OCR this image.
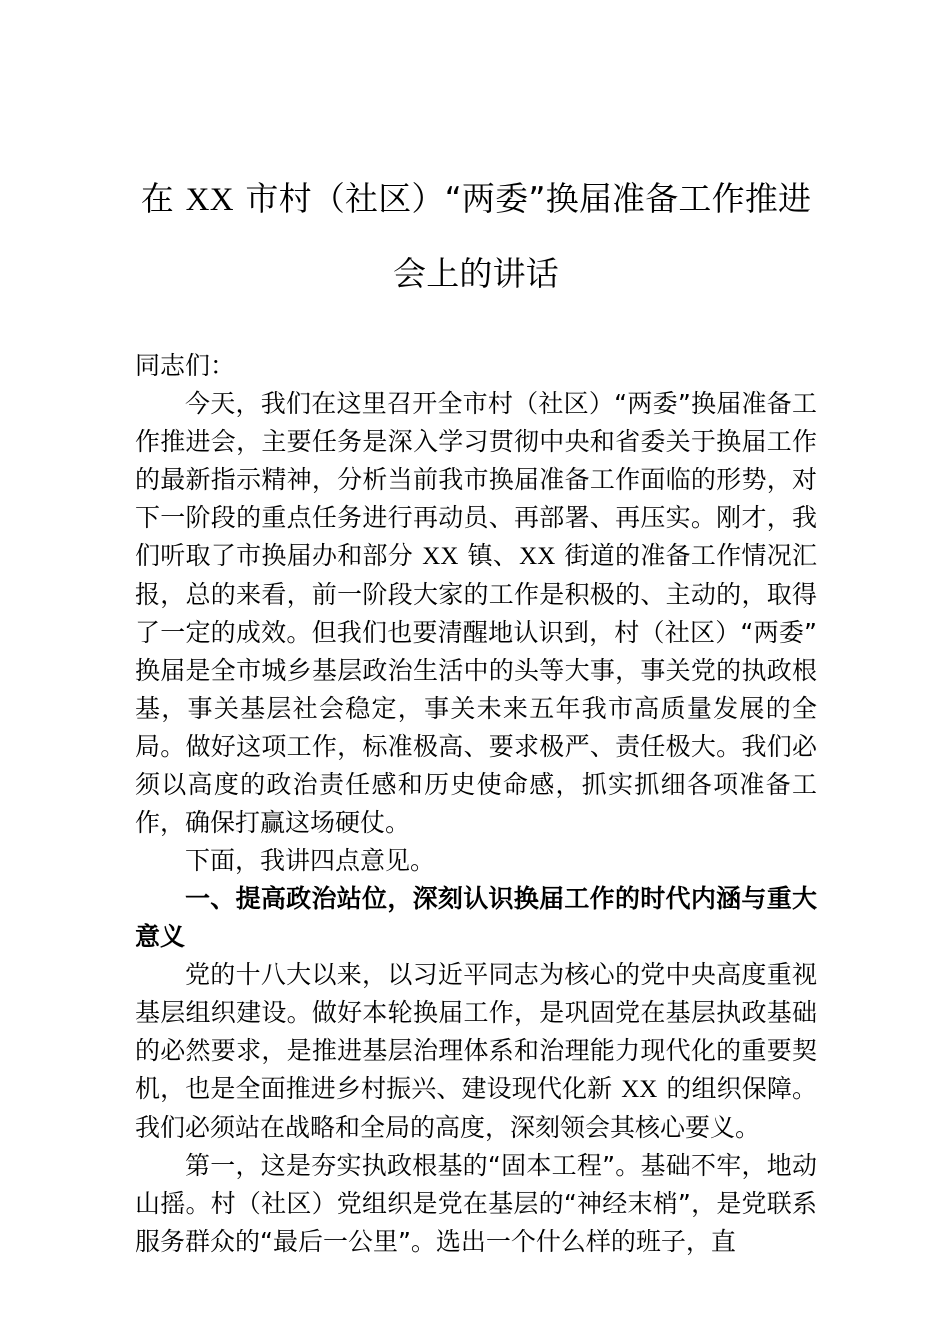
在 XX 市村（社区）“两委”换届准备工作推进会上的讲话

同志们：

今天，我们在这里召开全市村（社区）“两委”换届准备工作推进会，主要任务是深入学习贯彻中央和省委关于换届工作的最新指示精神，分析当前我市换届准备工作面临的形势，对下一阶段的重点任务进行再动员、再部署、再压实。刚才，我们听取了市换届办和部分 XX 镇、XX 街道的准备工作情况汇报，总的来看，前一阶段大家的工作是积极的、主动的，取得了一定的成效。但我们也要清醒地认识到，村（社区）“两委”换届是全市城乡基层政治生活中的头等大事，事关党的执政根基，事关基层社会稳定，事关未来五年我市高质量发展的全局。做好这项工作，标准极高、要求极严、责任极大。我们必须以高度的政治责任感和历史使命感，抓实抓细各项准备工作，确保打赢这场硬仗。

下面，我讲四点意见。

一、提高政治站位，深刻认识换届工作的时代内涵与重大意义

党的十八大以来，以习近平同志为核心的党中央高度重视基层组织建设。做好本轮换届工作，是巩固党在基层执政基础的必然要求，是推进基层治理体系和治理能力现代化的重要契机，也是全面推进乡村振兴、建设现代化新 XX 的组织保障。我们必须站在战略和全局的高度，深刻领会其核心要义。

第一，这是夯实执政根基的“固本工程”。基础不牢，地动山摇。村（社区）党组织是党在基层的“神经末梢”，是党联系服务群众的“最后一公里”。选出一个什么样的班子，直
